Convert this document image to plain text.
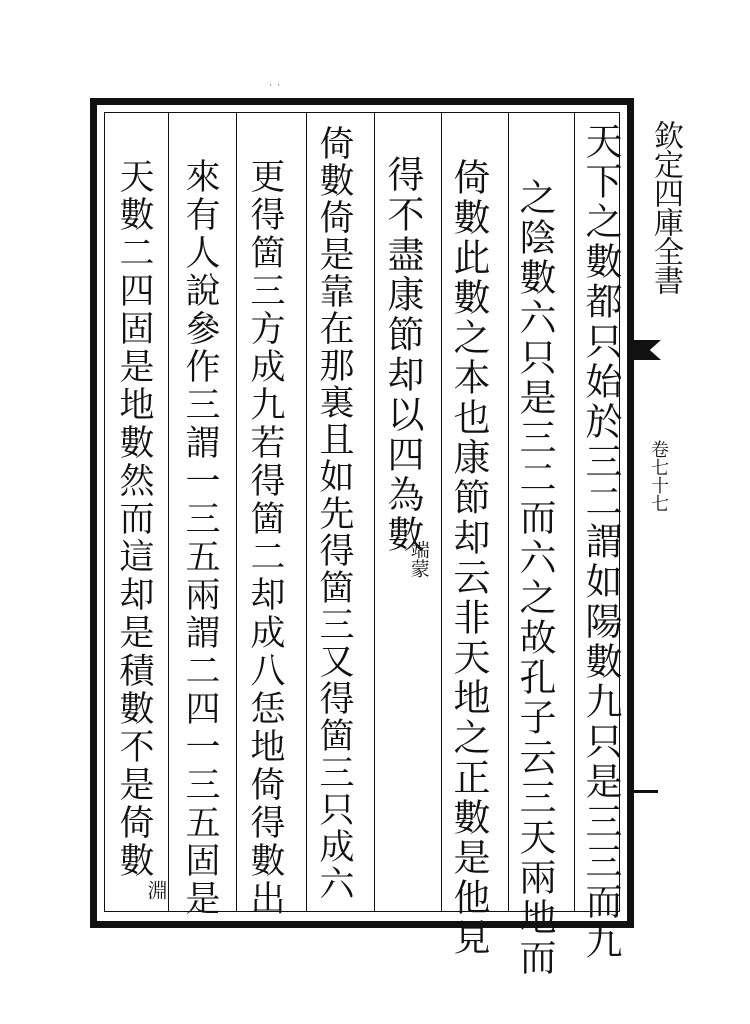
˙ ˙
天下之數都只始於三二謂如陽數九只是三三而九
之陰數六只是三二而六之故孔子云三天兩地而
倚數此數之本也康節却云非天地之正數是他見
得不盡康節却以四為數
端蒙
倚數倚是靠在那裏且如先得箇三又得箇三只成六
更得箇三方成九若得箇二却成八恁地倚得數出
來有人說參作三謂一三五兩謂二四一三五固是
天數二四固是地數然而這却是積數不是倚數
淵
欽定四庫全書
卷七十七
